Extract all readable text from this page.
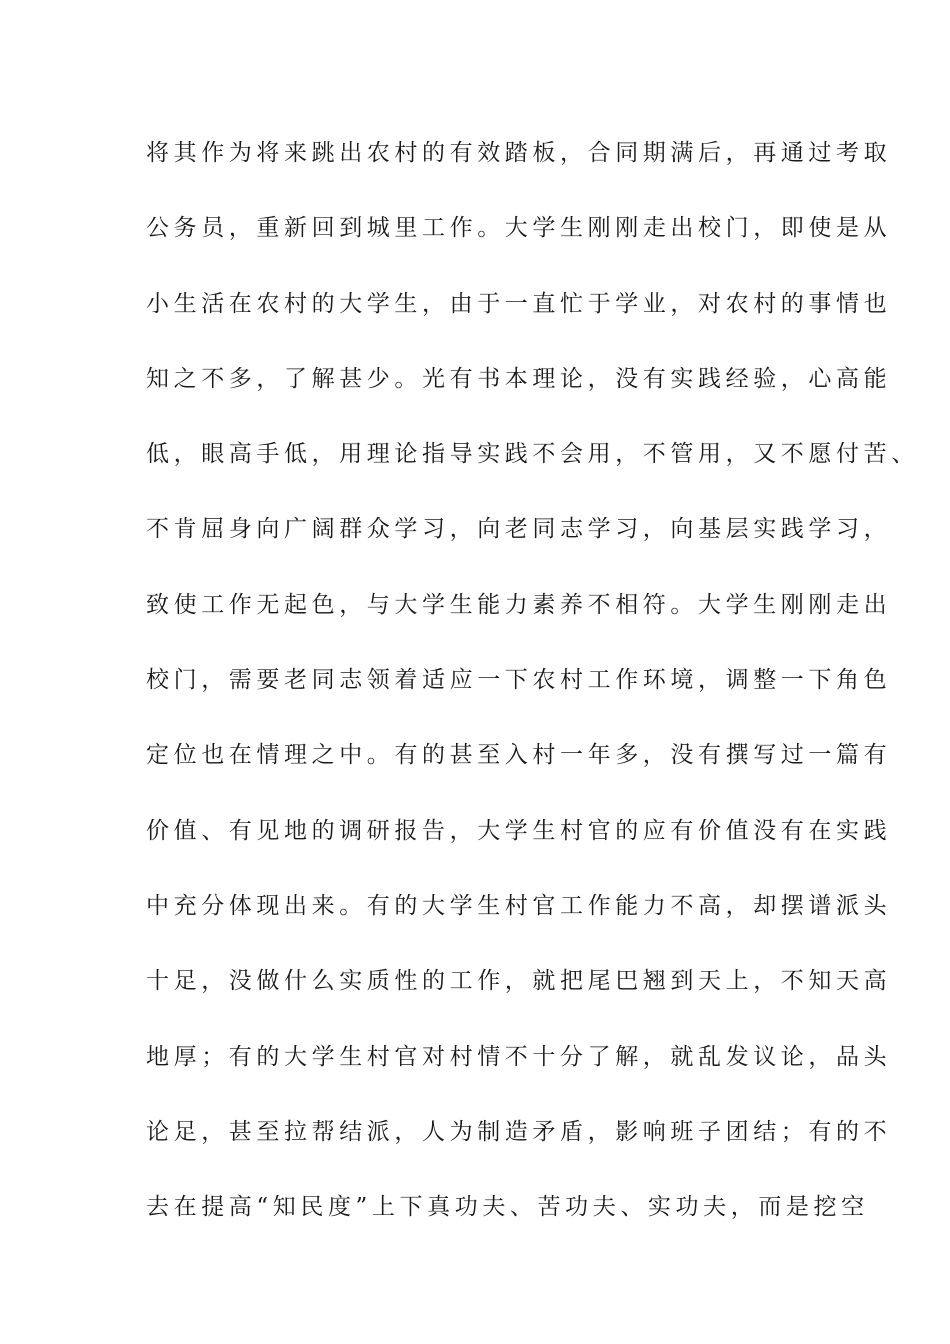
将其作为将来跳出农村的有效踏板，合同期满后，再通过考取
公务员，重新回到城里工作。大学生刚刚走出校门，即使是从
小生活在农村的大学生，由于一直忙于学业，对农村的事情也
知之不多，了解甚少。光有书本理论，没有实践经验，心高能
低，眼高手低，用理论指导实践不会用，不管用，又不愿付苦、
不肯屈身向广阔群众学习，向老同志学习，向基层实践学习，
致使工作无起色，与大学生能力素养不相符。大学生刚刚走出
校门，需要老同志领着适应一下农村工作环境，调整一下角色
定位也在情理之中。有的甚至入村一年多，没有撰写过一篇有
价值、有见地的调研报告，大学生村官的应有价值没有在实践
中充分体现出来。有的大学生村官工作能力不高，却摆谱派头
十足，没做什么实质性的工作，就把尾巴翘到天上，不知天高
地厚；有的大学生村官对村情不十分了解，就乱发议论，品头
论足，甚至拉帮结派，人为制造矛盾，影响班子团结；有的不
去在提高“知民度”上下真功夫、苦功夫、实功夫，而是挖空
